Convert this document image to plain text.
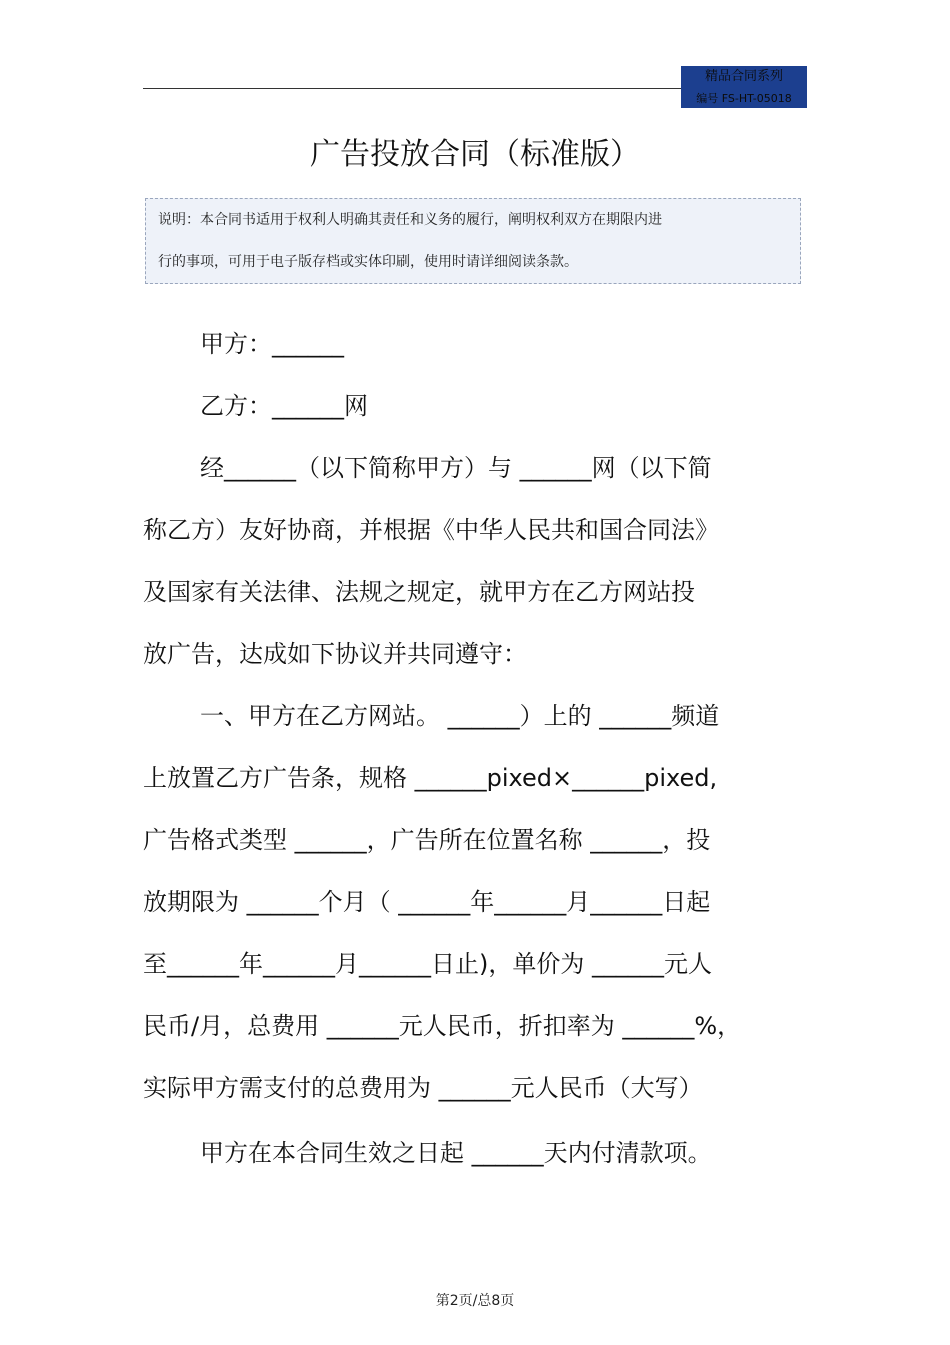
精品合同系列
编号 FS-HT-05018
广告投放合同（标准版）
说明：本合同书适用于权利人明确其责任和义务的履行，阐明权利双方在期限内进
行的事项，可用于电子版存档或实体印刷，使用时请详细阅读条款。
甲方：______
乙方：______网

经______（以下简称甲方）与 ______网（以下简

称乙方）友好协商，并根据《中华人民共和国合同法》

及国家有关法律、法规之规定，就甲方在乙方网站投

放广告，达成如下协议并共同遵守：

一、甲方在乙方网站。 ______）上的 ______频道

上放置乙方广告条，规格 ______pixed×______pixed,

广告格式类型 ______，广告所在位置名称 ______，投

放期限为 ______个月（ ______年______月______日起

至______年______月______日止)，单价为 ______元人

民币/月，总费用 ______元人民币，折扣率为 ______%，

实际甲方需支付的总费用为 ______元人民币（大写）

甲方在本合同生效之日起 ______天内付清款项。
第2页/总8页
